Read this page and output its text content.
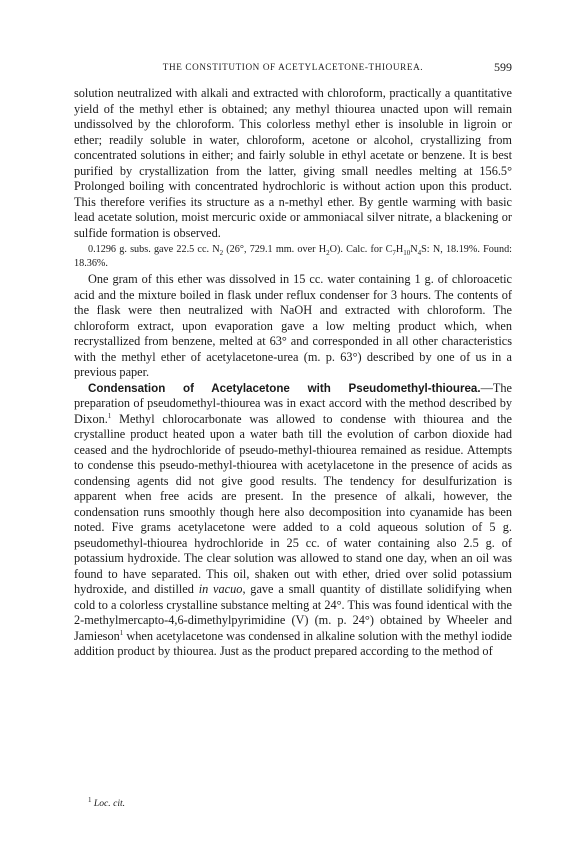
THE CONSTITUTION OF ACETYLACETONE-THIOUREA.	599

solution neutralized with alkali and extracted with chloroform, practically a quantitative yield of the methyl ether is obtained; any methyl thiourea unacted upon will remain undissolved by the chloroform. This colorless methyl ether is insoluble in ligroin or ether; readily soluble in water, chloroform, acetone or alcohol, crystallizing from concentrated solutions in either; and fairly soluble in ethyl acetate or benzene. It is best purified by crystallization from the latter, giving small needles melting at 156.5° Prolonged boiling with concentrated hydrochloric is without action upon this product. This therefore verifies its structure as a n-methyl ether. By gentle warming with basic lead acetate solution, moist mercuric oxide or ammoniacal silver nitrate, a blackening or sulfide formation is observed.

0.1296 g. subs. gave 22.5 cc. $N_2$ (26°, 729.1 mm. over $H_2O$). Calc. for $C_7H_{10}N_4S$: N, 18.19%. Found: 18.36%.

One gram of this ether was dissolved in 15 cc. water containing 1 g. of chloroacetic acid and the mixture boiled in flask under reflux condenser for 3 hours. The contents of the flask were then neutralized with NaOH and extracted with chloroform. The chloroform extract, upon evaporation gave a low melting product which, when recrystallized from benzene, melted at 63° and corresponded in all other characteristics with the methyl ether of acetylacetone-urea (m. p. 63°) described by one of us in a previous paper.

Condensation of Acetylacetone with Pseudomethyl-thiourea.—The preparation of pseudomethyl-thiourea was in exact accord with the method described by Dixon.$^1$ Methyl chlorocarbonate was allowed to condense with thiourea and the crystalline product heated upon a water bath till the evolution of carbon dioxide had ceased and the hydrochloride of pseudo-methyl-thiourea remained as residue. Attempts to condense this pseudo-methyl-thiourea with acetylacetone in the presence of acids as condensing agents did not give good results. The tendency for desulfurization is apparent when free acids are present. In the presence of alkali, however, the condensation runs smoothly though here also decomposition into cyanamide has been noted. Five grams acetylacetone were added to a cold aqueous solution of 5 g. pseudomethyl-thiourea hydrochloride in 25 cc. of water containing also 2.5 g. of potassium hydroxide. The clear solution was allowed to stand one day, when an oil was found to have separated. This oil, shaken out with ether, dried over solid potassium hydroxide, and distilled in vacuo, gave a small quantity of distillate solidifying when cold to a colorless crystalline substance melting at 24°. This was found identical with the 2-methylmercapto-4,6-dimethylpyrimidine (V) (m. p. 24°) obtained by Wheeler and Jamieson$^1$ when acetylacetone was condensed in alkaline solution with the methyl iodide addition product by thiourea. Just as the product prepared according to the method of

$^1$ Loc. cit.
